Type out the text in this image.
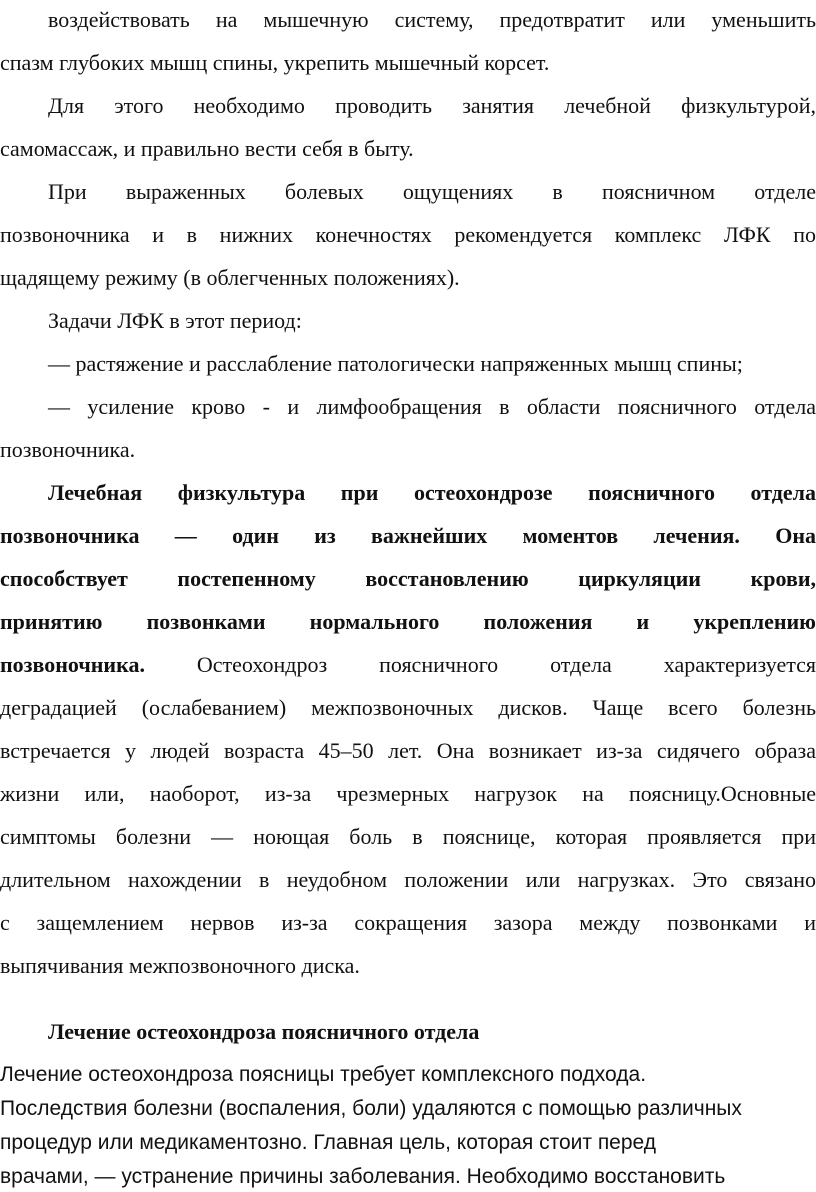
воздействовать на мышечную систему, предотвратит или уменьшить
спазм глубоких мышц спины, укрепить мышечный корсет.
Для этого необходимо проводить занятия лечебной физкультурой,
самомассаж, и правильно вести себя в быту.
При выраженных болевых ощущениях в поясничном отделе
позвоночника и в нижних конечностях рекомендуется комплекс ЛФК по
щадящему режиму (в облегченных положениях).
Задачи ЛФК в этот период:
— растяжение и расслабление патологически напряженных мышц спины;
— усиление крово - и лимфообращения в области поясничного отдела
позвоночника.
Лечебная физкультура при остеохондрозе поясничного отдела
позвоночника — один из важнейших моментов лечения. Она
способствует постепенному восстановлению циркуляции крови,
принятию позвонками нормального положения и укреплению
позвоночника. Остеохондроз поясничного отдела характеризуется
деградацией (ослабеванием) межпозвоночных дисков. Чаще всего болезнь
встречается у людей возраста 45–50 лет. Она возникает из-за сидячего образа
жизни или, наоборот, из-за чрезмерных нагрузок на поясницу.Основные
симптомы болезни — ноющая боль в пояснице, которая проявляется при
длительном нахождении в неудобном положении или нагрузках. Это связано
с защемлением нервов из-за сокращения зазора между позвонками и
выпячивания межпозвоночного диска.
Лечение остеохондроза поясничного отдела
Лечение остеохондроза поясницы требует комплексного подхода.
Последствия болезни (воспаления, боли) удаляются с помощью различных
процедур или медикаментозно. Главная цель, которая стоит перед
врачами, — устранение причины заболевания. Необходимо восстановить
